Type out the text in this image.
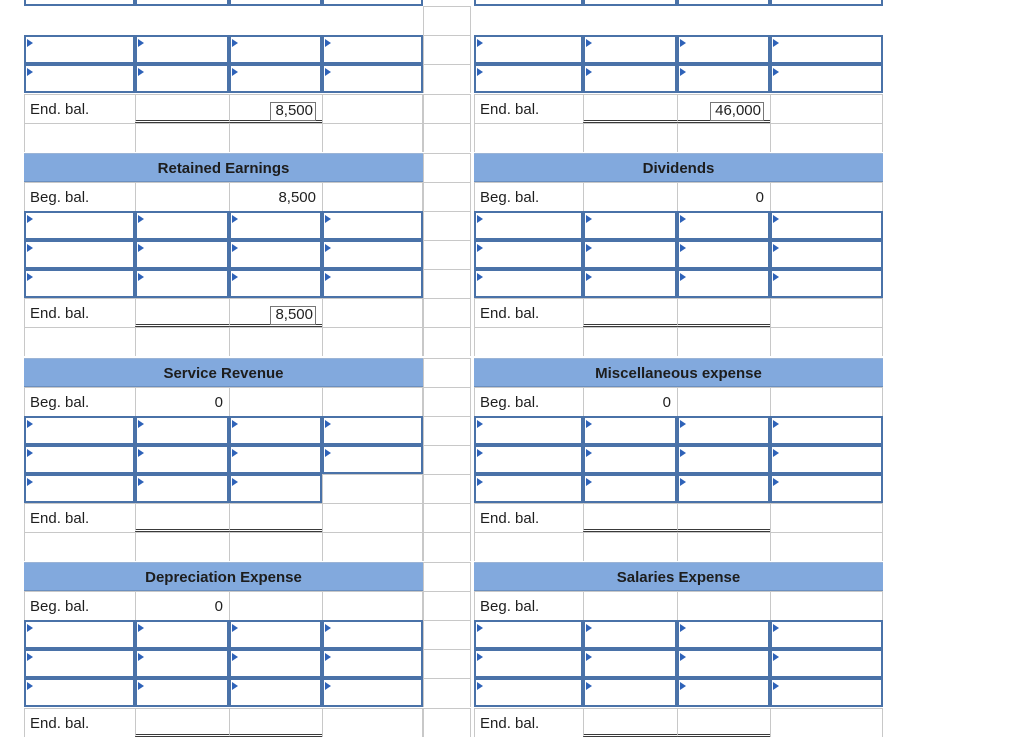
End. bal.	8,500
Retained Earnings
Beg. bal.	8,500
End. bal.	8,500
Service Revenue
Beg. bal.	0
End. bal.
Depreciation Expense
Beg. bal.	0
End. bal.
End. bal.	46,000
Dividends
Beg. bal.	0
End. bal.
Miscellaneous expense
Beg. bal.	0
End. bal.
Salaries Expense
Beg. bal.
End. bal.
